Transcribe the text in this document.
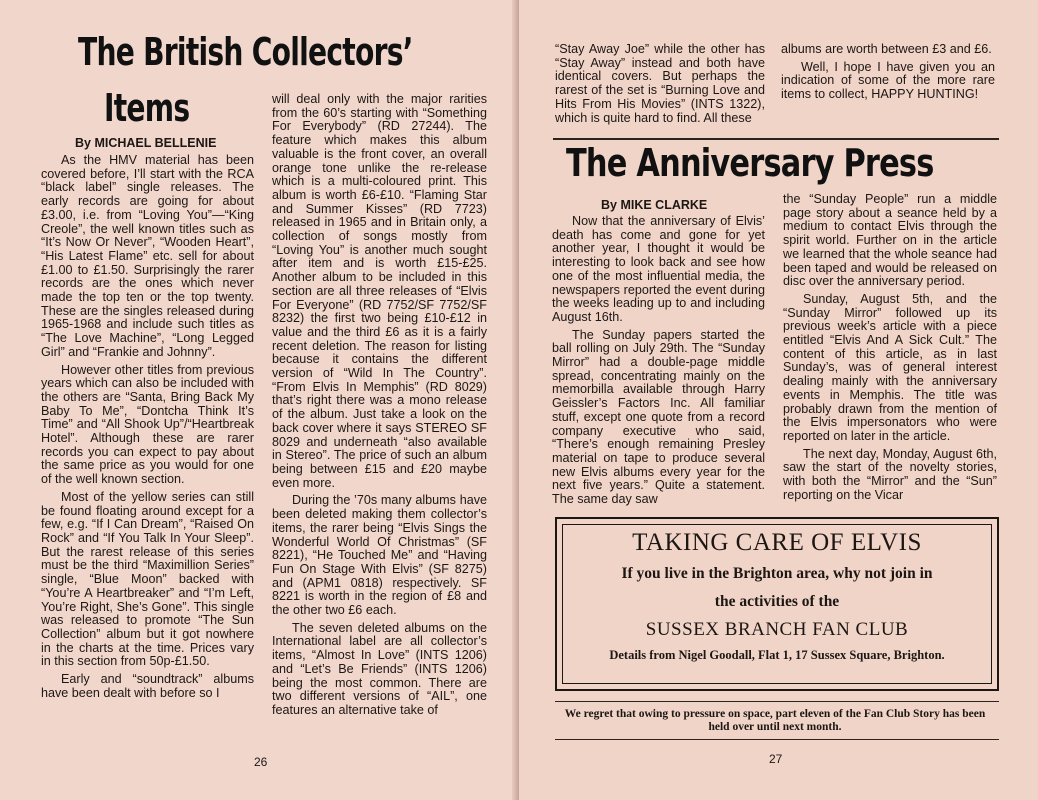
The British Collectors’
Items
By MICHAEL BELLENIE

As the HMV material has been covered before, I’ll start with the RCA “black label” single releases. The early records are going for about £3.00, i.e. from “Loving You”—“King Creole”, the well known titles such as “It’s Now Or Never”, “Wooden Heart”, “His Latest Flame” etc. sell for about £1.00 to £1.50. Surprisingly the rarer records are the ones which never made the top ten or the top twenty. These are the singles released during 1965-1968 and include such titles as “The Love Machine”, “Long Legged Girl” and “Frankie and Johnny”.

However other titles from previous years which can also be included with the others are “Santa, Bring Back My Baby To Me”, “Dontcha Think It’s Time” and “All Shook Up”/“Heartbreak Hotel”. Although these are rarer records you can expect to pay about the same price as you would for one of the well known section.

Most of the yellow series can still be found floating around except for a few, e.g. “If I Can Dream”, “Raised On Rock” and “If You Talk In Your Sleep”. But the rarest release of this series must be the third “Maximillion Series” single, “Blue Moon” backed with “You’re A Heartbreaker” and “I’m Left, You’re Right, She’s Gone”. This single was released to promote “The Sun Collection” album but it got nowhere in the charts at the time. Prices vary in this section from 50p-£1.50.

Early and “soundtrack” albums have been dealt with before so I

will deal only with the major rarities from the 60’s starting with “Something For Everybody” (RD 27244). The feature which makes this album valuable is the front cover, an overall orange tone unlike the re-release which is a multi-coloured print. This album is worth £6-£10. “Flaming Star and Summer Kisses” (RD 7723) released in 1965 and in Britain only, a collection of songs mostly from “Loving You” is another much sought after item and is worth £15-£25. Another album to be included in this section are all three releases of “Elvis For Everyone” (RD 7752/SF 7752/SF 8232) the first two being £10-£12 in value and the third £6 as it is a fairly recent deletion. The reason for listing because it contains the different version of “Wild In The Country”. “From Elvis In Memphis” (RD 8029) that’s right there was a mono release of the album. Just take a look on the back cover where it says STEREO SF 8029 and underneath “also available in Stereo”. The price of such an album being between £15 and £20 maybe even more.

During the ’70s many albums have been deleted making them collector’s items, the rarer being “Elvis Sings the Wonderful World Of Christmas” (SF 8221), “He Touched Me” and “Having Fun On Stage With Elvis” (SF 8275) and (APM1 0818) respectively. SF 8221 is worth in the region of £8 and the other two £6 each.

The seven deleted albums on the International label are all collector’s items, “Almost In Love” (INTS 1206) and “Let’s Be Friends” (INTS 1206) being the most common. There are two different versions of “AIL”, one features an alternative take of

26

“Stay Away Joe” while the other has “Stay Away” instead and both have identical covers. But perhaps the rarest of the set is “Burning Love and Hits From His Movies” (INTS 1322), which is quite hard to find. All these

albums are worth between £3 and £6.

Well, I hope I have given you an indication of some of the more rare items to collect, HAPPY HUNTING!

The Anniversary Press
By MIKE CLARKE

Now that the anniversary of Elvis’ death has come and gone for yet another year, I thought it would be interesting to look back and see how one of the most influential media, the newspapers reported the event during the weeks leading up to and including August 16th.

The Sunday papers started the ball rolling on July 29th. The “Sunday Mirror” had a double-page middle spread, concentrating mainly on the memorbilla available through Harry Geissler’s Factors Inc. All familiar stuff, except one quote from a record company executive who said, “There’s enough remaining Presley material on tape to produce several new Elvis albums every year for the next five years.” Quite a statement. The same day saw

the “Sunday People” run a middle page story about a seance held by a medium to contact Elvis through the spirit world. Further on in the article we learned that the whole seance had been taped and would be released on disc over the anniversary period.

Sunday, August 5th, and the “Sunday Mirror” followed up its previous week’s article with a piece entitled “Elvis And A Sick Cult.” The content of this article, as in last Sunday’s, was of general interest dealing mainly with the anniversary events in Memphis. The title was probably drawn from the mention of the Elvis impersonators who were reported on later in the article.

The next day, Monday, August 6th, saw the start of the novelty stories, with both the “Mirror” and the “Sun” reporting on the Vicar

TAKING CARE OF ELVIS
If you live in the Brighton area, why not join in
the activities of the
SUSSEX BRANCH FAN CLUB
Details from Nigel Goodall, Flat 1, 17 Sussex Square, Brighton.
We regret that owing to pressure on space, part eleven of the Fan Club Story has been held over until next month.
27
